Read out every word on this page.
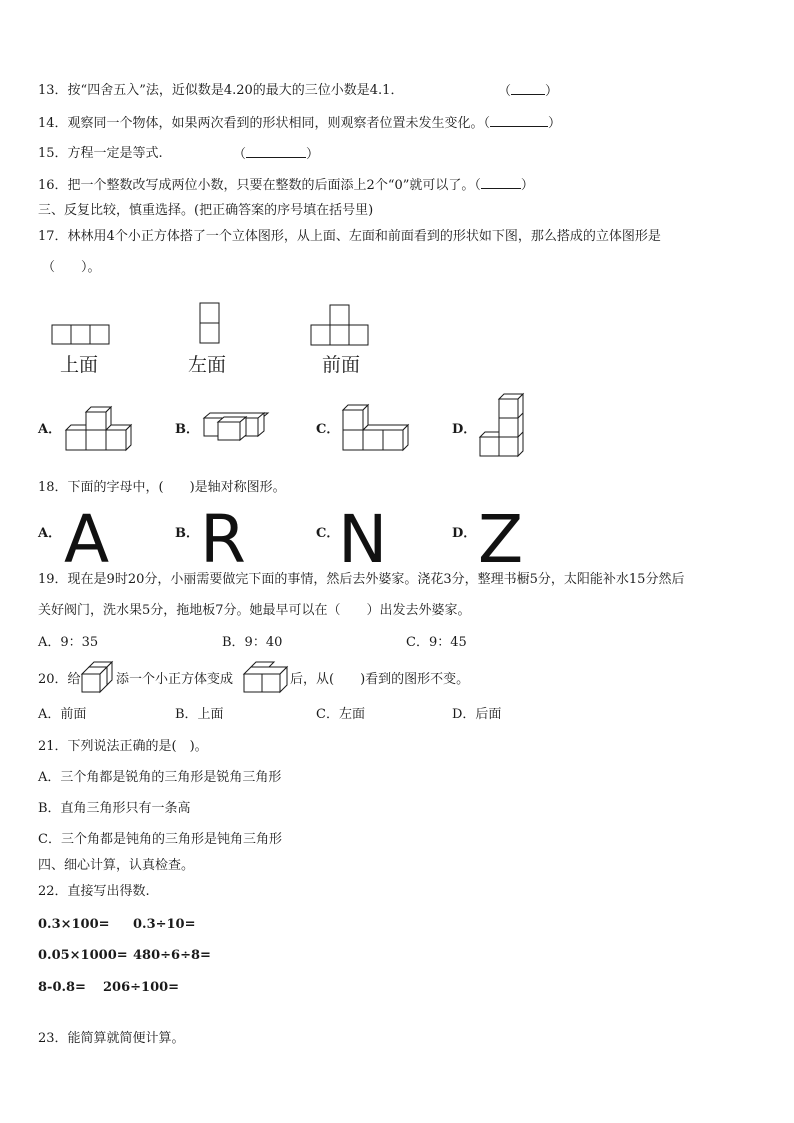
13．按“四舍五入”法，近似数是4.20的最大的三位小数是4.1．	（	）
14．观察同一个物体，如果两次看到的形状相同，则观察者位置未发生变化。（	）
15．方程一定是等式.	（	）
16．把一个整数改写成两位小数，只要在整数的后面添上2个“0”就可以了。（	）
三、反复比较，慎重选择。(把正确答案的序号填在括号里)
17．林林用4个小正方体搭了一个立体图形，从上面、左面和前面看到的形状如下图，那么搭成的立体图形是
（　　）。
上面	左面	前面
A．	B．	C．	D．
18．下面的字母中，(　　)是轴对称图形。
A． A	B． R	C．
N	D． Z
19．现在是9时20分，小丽需要做完下面的事情，然后去外婆家。浇花3分，整理书橱5分，太阳能补水15分然后
关好阀门，洗水果5分，拖地板7分。她最早可以在（　　）出发去外婆家。
A．9：35	B．9：40	C．9：45
20．给	添一个小正方体变成	后，从(　　)看到的图形不变。
A．前面	B．上面	C．左面	D．后面
21．下列说法正确的是(　)。
A．三个角都是锐角的三角形是锐角三角形
B．直角三角形只有一条高
C．三个角都是钝角的三角形是钝角三角形
四、细心计算，认真检查。
22．直接写出得数.
0.3×100= 0.3÷10=
0.05×1000= 480÷6÷8=
8-0.8= 206÷100=
23．能简算就简便计算。
